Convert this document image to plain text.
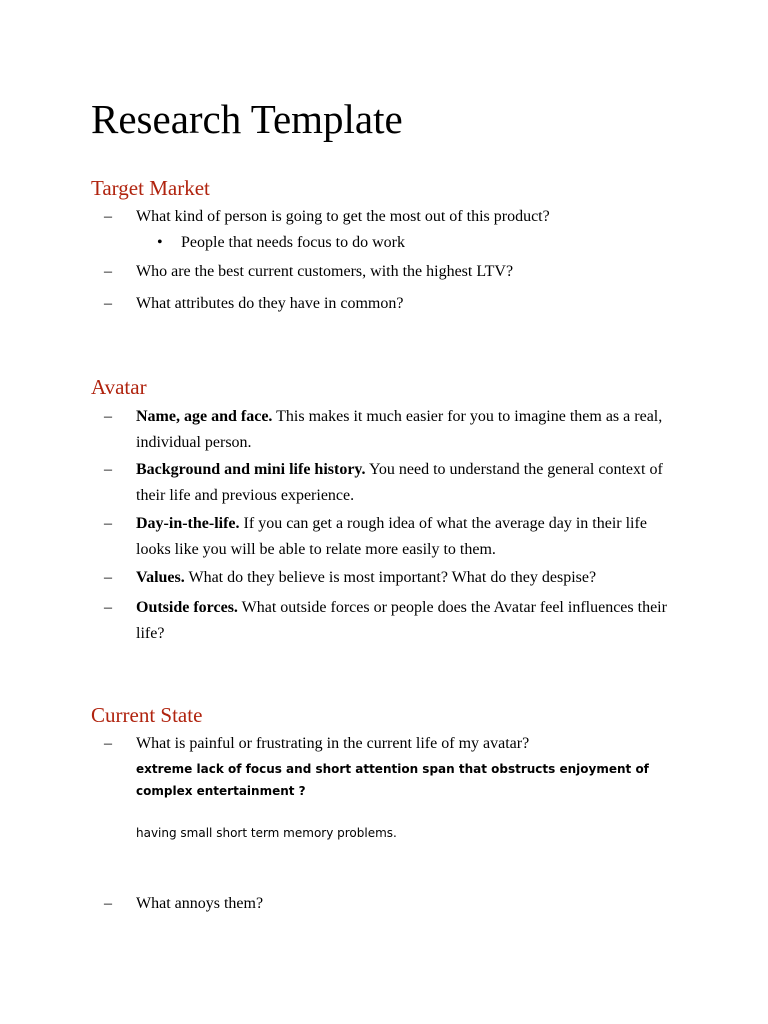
Research Template
Target Market
–	What kind of person is going to get the most out of this product?
• People that needs focus to do work
–	Who are the best current customers, with the highest LTV?
–	What attributes do they have in common?
Avatar
–	Name, age and face. This makes it much easier for you to imagine them as a real, individual person.
–	Background and mini life history. You need to understand the general context of their life and previous experience.
–	Day-in-the-life. If you can get a rough idea of what the average day in their life looks like you will be able to relate more easily to them.
–	Values. What do they believe is most important? What do they despise?
–	Outside forces. What outside forces or people does the Avatar feel influences their life?
Current State
–	What is painful or frustrating in the current life of my avatar?
extreme lack of focus and short attention span that obstructs enjoyment of complex entertainment ?
having small short term memory problems.
–	What annoys them?
